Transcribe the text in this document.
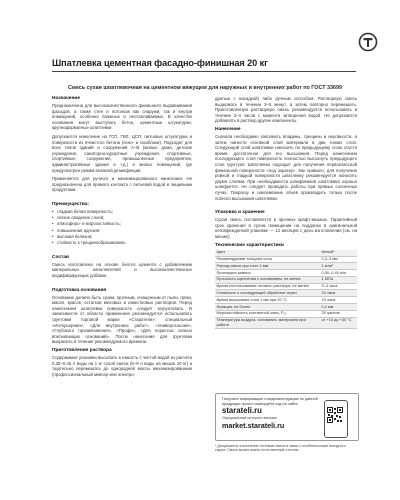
Шпатлевка цементная фасадно-финишная 20 кг
Смесь сухая шпатлевочная на цементном вяжущем для наружных и внутренних работ по ГОСТ 33699
Назначение
Предназначена для высококачественного финишного выравнивания фасадов, а также стен и потолков как снаружи, так и внутри помещений, особенно влажных и неотапливаемых. В качестве основания могут выступать бетон, цементные штукатурки, крупноформатные шпатлевки.
Допускается нанесение на ГСП, ГВЛ, ЦСП, гипсовые штукатурки и поверхности из ячеистого бетона (пено- и газоблоки). Подходит для всех типов зданий и сооружений А–В (жилые дома, детские учреждения, санаторно-курортные учреждения, спортивные, спортивные сооружения, промышленные предприятия, административные здания и т.д.) и жилых помещений, где предусмотрен режим влажной дезинфекции.
Применяется для ручного и механизированного нанесения. Не предназначена для прямого контакта с питьевой водой и пищевыми продуктами.
Преимущества:
• гладкая белая поверхность;
• легкое сведение слоев;
• атмосферо- и морозостойкость;
• повышенная адгезия;
• высокая белизна;
• стойкость к трещинообразованию.
Состав
Смесь изготовлена на основе белого цемента с добавлением минеральных наполнителей и высококачественных модифицирующих добавок.
Подготовка основания
Основание должно быть сухим, прочным, очищенным от пыли, грязи, масел, красок, остатков меловых и известковых растворов. Перед нанесением шпатлевки поверхность следует загрунтовать. В зависимости от области применения рекомендуется использовать грунтовки торговой марки «Старатели»: специальный «Интерьерная», «Для внутренних работ», «Универсальная», «Глубокого проникновения», «Профи», «Для пористых сильно впитывающих оснований». После нанесения для грунтовки выкрасить в течение рекомендуемого времени.
Приготовление раствора
Содержимое упаковки высыпать в емкость с чистой водой из расчета 0,30–0,45 л воды на 1 кг сухой смеси (6–9 л воды на мешок 20 кг) и тщательно перемешать до однородной массы механизированным (профессиональный миксер или электро-
дрелью с насадкой) либо ручным способом. Растворную смесь выдержать в течение 3–5 минут, а затем повторно перемешать. Приготовленную растворную смесь рекомендуется использовать в течение 3–4 часов с момента затворения водой. Не допускается добавлять в раствор другие компоненты.
Нанесение
Сначала необходимо заполнить впадины, трещины и неровности, а затем нанести основной слой материала в два тонких слоя. Следующий слой шпатлевки наносить по предыдущему слою спустя время, достаточное для его высыхания. Перед нанесением последующего слоя поверхность полностью высохнуть предыдущего слоя грунтуют. Шпатлевка подходит для получения первоклассной финальной поверхности «под окраску». Как правило, для получения ровной и гладкой поверхности шпатлевку рекомендуется наносить двумя слоями. При необходимости шлифования шпатлевка хорошо шлифуется. Не следует проводить работы при прямых солнечных лучах. Покраску и наклеивание обоев производить только после полного высыхания шпатлевки.
Упаковка и хранение
Сухая смесь поставляется в прочных крафт-мешках. Гарантийный срок хранения в сухом помещении на поддонах в оригинальной неповрежденной упаковке — 12 месяцев с даты изготовления (см. на мешке).
Технические характеристики
Цвет	белый*
Рекомендуемая толщина слоя	0,3–3 мм
Расход смеси при слое 1 мм	1 кг/м²
Пропорция замеса	0,30–0,45 л/кг
Прочность сцепления с основанием, не менее	1 МПа
Время использования готового раствора, не менее	3–4 часа
Готовность к последующей обработке через	24 часа
Время высыхания слоя 1 мм при 20 °С	24 часа
Фракция, не более	0,2 мм
Морозостойкость контактной зоны, F₂₀	25 циклов
Температура воздуха, основания, материала при работе	от +10 до +30 °С
Получите информацию и видеоинструкцию по данной продукции просто сканируйте код на сайте:
starateli.ru
Официальный интернет-магазин
market.starateli.ru
* Допускается отклонение оттенков смеси в связи с особенностями исходного сырья. Смесь может иметь естественный оттенок.
